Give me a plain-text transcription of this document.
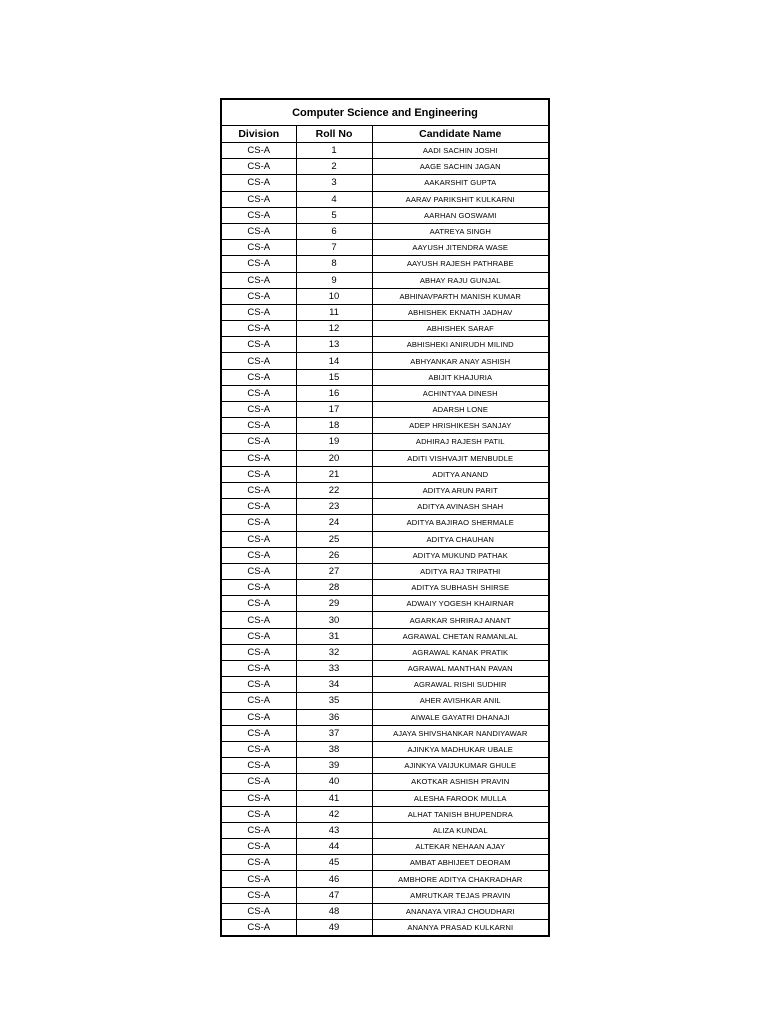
Computer Science and Engineering		
Division	Roll No	Candidate Name
CS-A	1	AADI SACHIN JOSHI
CS-A	2	AAGE SACHIN JAGAN
CS-A	3	AAKARSHIT GUPTA
CS-A	4	AARAV PARIKSHIT KULKARNI
CS-A	5	AARHAN GOSWAMI
CS-A	6	AATREYA SINGH
CS-A	7	AAYUSH JITENDRA WASE
CS-A	8	AAYUSH RAJESH PATHRABE
CS-A	9	ABHAY RAJU GUNJAL
CS-A	10	ABHINAVPARTH MANISH KUMAR
CS-A	11	ABHISHEK EKNATH JADHAV
CS-A	12	ABHISHEK SARAF
CS-A	13	ABHISHEKI ANIRUDH MILIND
CS-A	14	ABHYANKAR ANAY ASHISH
CS-A	15	ABIJIT KHAJURIA
CS-A	16	ACHINTYAA DINESH
CS-A	17	ADARSH LONE
CS-A	18	ADEP HRISHIKESH SANJAY
CS-A	19	ADHIRAJ RAJESH PATIL
CS-A	20	ADITI VISHVAJIT MENBUDLE
CS-A	21	ADITYA ANAND
CS-A	22	ADITYA ARUN PARIT
CS-A	23	ADITYA AVINASH SHAH
CS-A	24	ADITYA BAJIRAO SHERMALE
CS-A	25	ADITYA CHAUHAN
CS-A	26	ADITYA MUKUND PATHAK
CS-A	27	ADITYA RAJ TRIPATHI
CS-A	28	ADITYA SUBHASH SHIRSE
CS-A	29	ADWAIY YOGESH KHAIRNAR
CS-A	30	AGARKAR SHRIRAJ ANANT
CS-A	31	AGRAWAL CHETAN RAMANLAL
CS-A	32	AGRAWAL KANAK PRATIK
CS-A	33	AGRAWAL MANTHAN PAVAN
CS-A	34	AGRAWAL RISHI SUDHIR
CS-A	35	AHER AVISHKAR ANIL
CS-A	36	AIWALE GAYATRI DHANAJI
CS-A	37	AJAYA SHIVSHANKAR NANDIYAWAR
CS-A	38	AJINKYA MADHUKAR UBALE
CS-A	39	AJINKYA VAIJUKUMAR GHULE
CS-A	40	AKOTKAR ASHISH PRAVIN
CS-A	41	ALESHA FAROOK MULLA
CS-A	42	ALHAT TANISH BHUPENDRA
CS-A	43	ALIZA KUNDAL
CS-A	44	ALTEKAR NEHAAN AJAY
CS-A	45	AMBAT ABHIJEET DEORAM
CS-A	46	AMBHORE ADITYA CHAKRADHAR
CS-A	47	AMRUTKAR TEJAS PRAVIN
CS-A	48	ANANAYA VIRAJ CHOUDHARI
CS-A	49	ANANYA PRASAD KULKARNI
